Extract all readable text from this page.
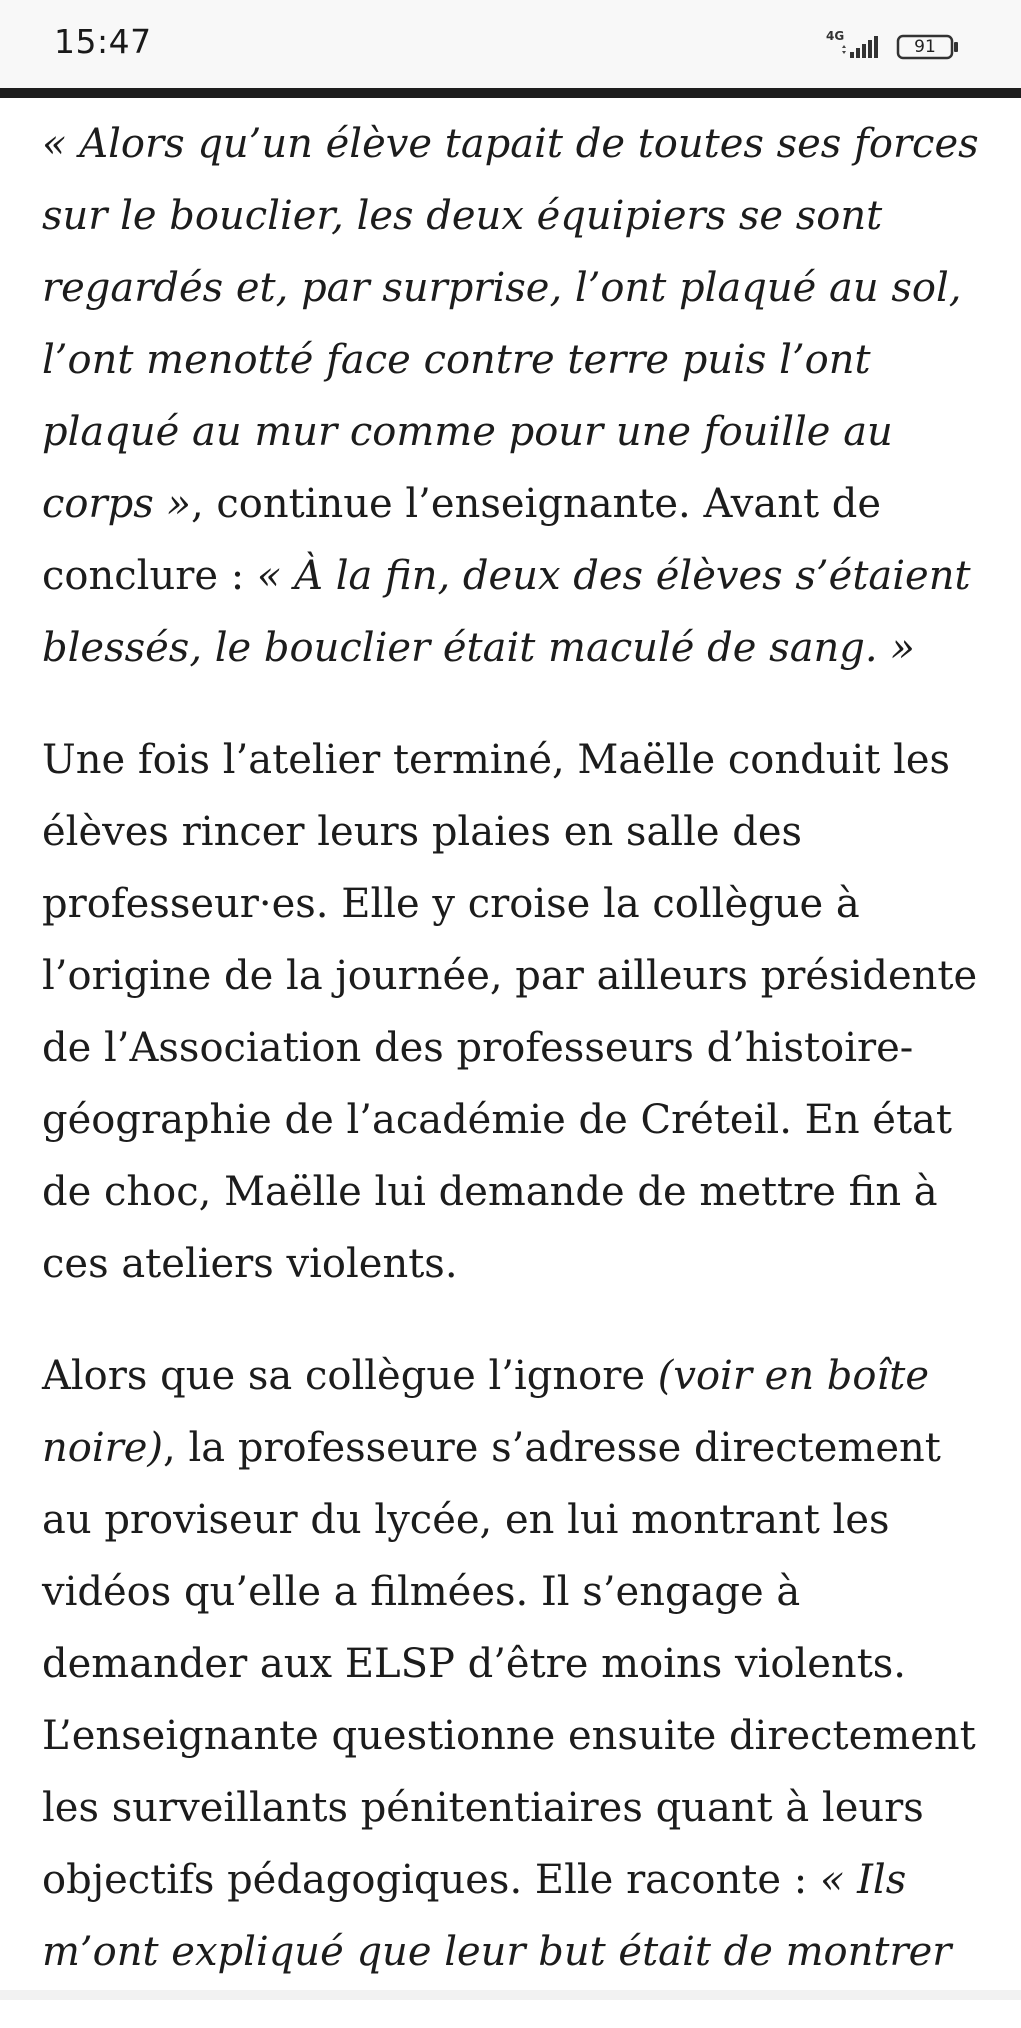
15:47	4G
91

« Alors qu’un élève tapait de toutes ses forces sur le bouclier, les deux équipiers se sont regardés et, par surprise, l’ont plaqué au sol, l’ont menotté face contre terre puis l’ont plaqué au mur comme pour une fouille au corps », continue l’enseignante. Avant de conclure : « À la fin, deux des élèves s’étaient blessés, le bouclier était maculé de sang. »

Une fois l’atelier terminé, Maëlle conduit les élèves rincer leurs plaies en salle des professeur·es. Elle y croise la collègue à l’origine de la journée, par ailleurs présidente de l’Association des professeurs d’histoire-géographie de l’académie de Créteil. En état de choc, Maëlle lui demande de mettre fin à ces ateliers violents.

Alors que sa collègue l’ignore (voir en boîte noire), la professeure s’adresse directement au proviseur du lycée, en lui montrant les vidéos qu’elle a filmées. Il s’engage à demander aux ELSP d’être moins violents. L’enseignante questionne ensuite directement les surveillants pénitentiaires quant à leurs objectifs pédagogiques. Elle raconte : « Ils m’ont expliqué que leur but était de montrer
